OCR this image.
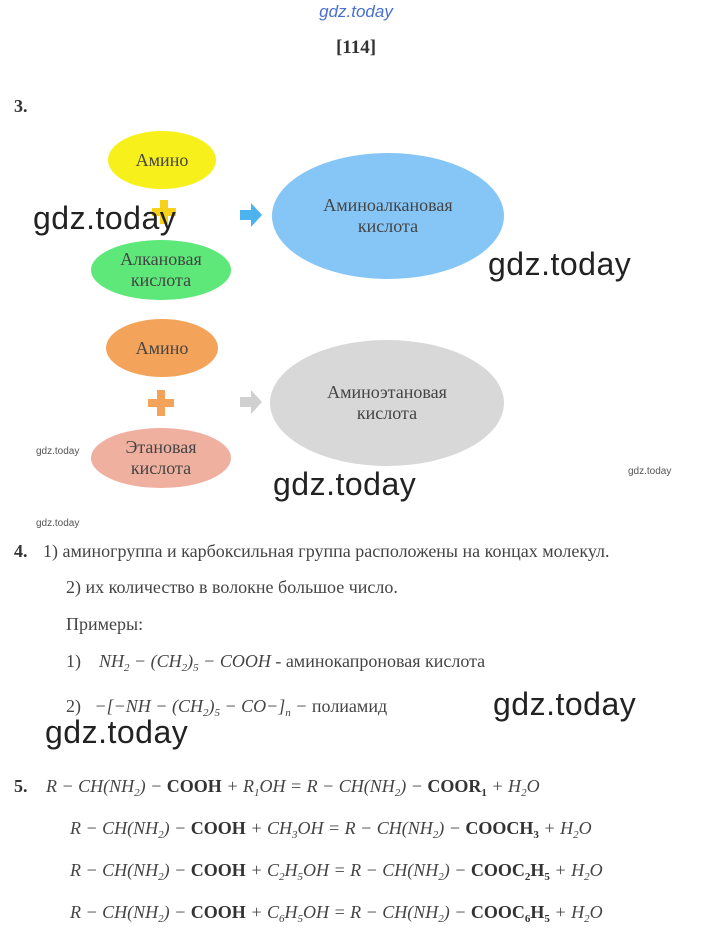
gdz.today
[114]
3.
Амино
Алкановая
кислота
Аминоалкановая
кислота
Амино
Этановая
кислота
Аминоэтановая
кислота
gdz.today
gdz.today
gdz.today
gdz.today
gdz.today
gdz.today
gdz.today
gdz.today
4. 1) аминогруппа и карбоксильная группа расположены на концах молекул.
2) их количество в волокне большое число.
Примеры:
1) $NH_2 - (CH_2)_5$ − COOH - аминокапроновая кислота
$2) -[-NH - (CH_2)_5 - CO-]_n$ − полиамид
5. $R - CH(NH_2)$ − COOH + $R_1OH = R - CH(NH_2)$ − $COOR_1 + H_2O$
$R - CH(NH_2)$ − COOH + $CH_3OH = R - CH(NH_2)$ − $COOCH_3 + H_2O$
$R - CH(NH_2)$ − COOH + $C_2H_5OH = R - CH(NH_2)$ − $COOC_2H_5 + H_2O$
$R - CH(NH_2)$ − COOH + $C_6H_5OH = R - CH(NH_2)$ − $COOC_6H_5 + H_2O$
